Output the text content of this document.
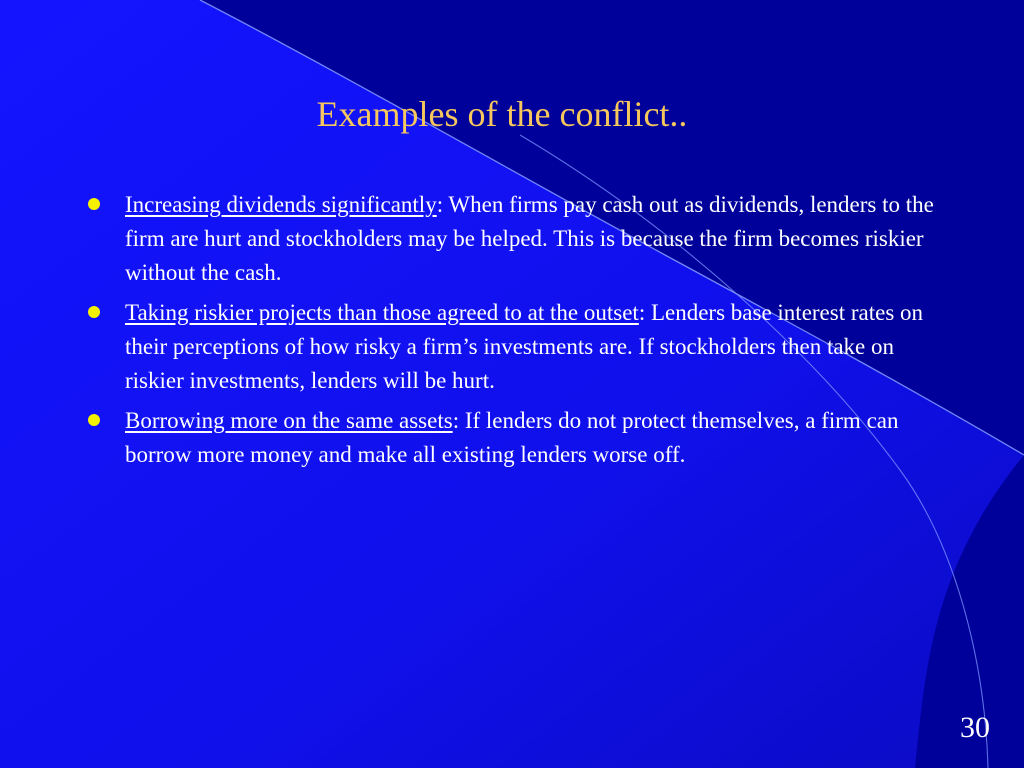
Examples of the conflict..
Increasing dividends significantly: When firms pay cash out as dividends, lenders to the firm are hurt and stockholders may be helped. This is because the firm becomes riskier without the cash.
Taking riskier projects than those agreed to at the outset: Lenders base interest rates on their perceptions of how risky a firm’s investments are. If stockholders then take on riskier investments, lenders will be hurt.
Borrowing more on the same assets: If lenders do not protect themselves, a firm can borrow more money and make all existing lenders worse off.
30
